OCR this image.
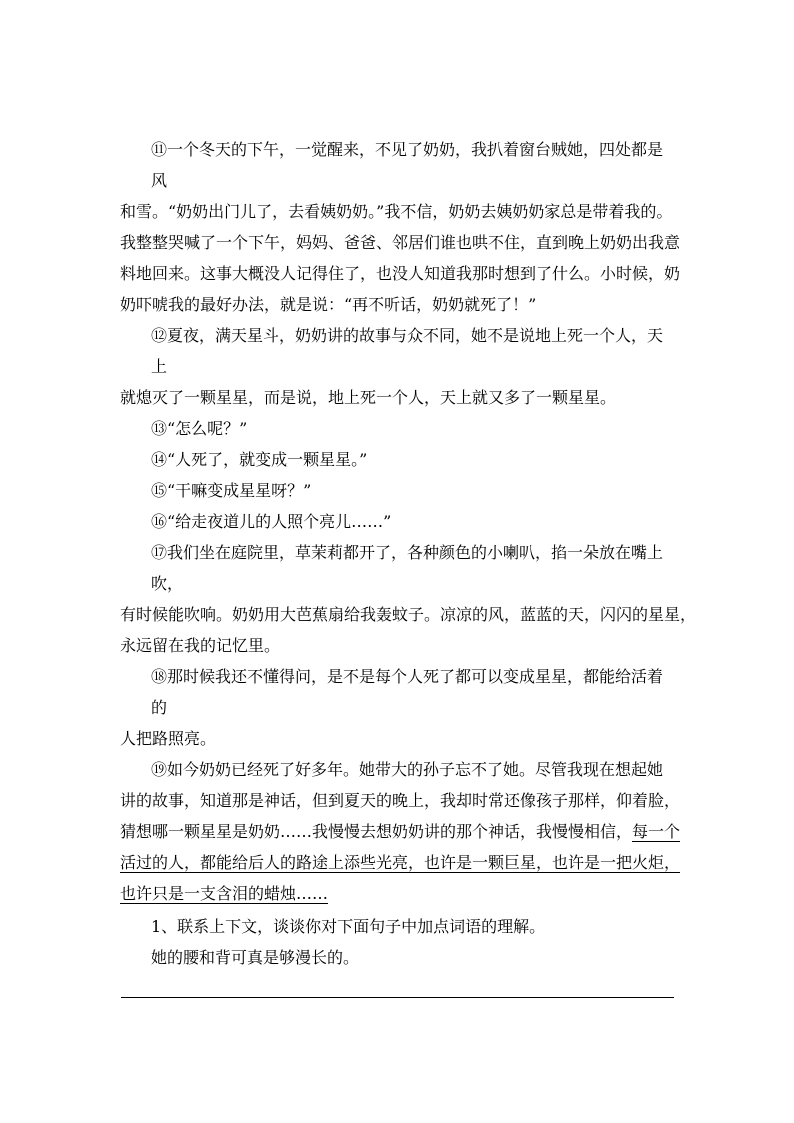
⑪一个冬天的下午，一觉醒来，不见了奶奶，我扒着窗台贼她，四处都是
风
和雪。“奶奶出门儿了，去看姨奶奶。”我不信，奶奶去姨奶奶家总是带着我的。
我整整哭喊了一个下午，妈妈、爸爸、邻居们谁也哄不住，直到晚上奶奶出我意
料地回来。这事大概没人记得住了，也没人知道我那时想到了什么。小时候，奶
奶吓唬我的最好办法，就是说：“再不听话，奶奶就死了！”
⑫夏夜，满天星斗，奶奶讲的故事与众不同，她不是说地上死一个人，天
上
就熄灭了一颗星星，而是说，地上死一个人，天上就又多了一颗星星。
⑬“怎么呢？”
⑭“人死了，就变成一颗星星。”
⑮“干嘛变成星星呀？”
⑯“给走夜道儿的人照个亮儿……”
⑰我们坐在庭院里，草茉莉都开了，各种颜色的小喇叭，掐一朵放在嘴上
吹，
有时候能吹响。奶奶用大芭蕉扇给我轰蚊子。凉凉的风，蓝蓝的天，闪闪的星星，
永远留在我的记忆里。
⑱那时候我还不懂得问，是不是每个人死了都可以变成星星，都能给活着
的
人把路照亮。
⑲如今奶奶已经死了好多年。她带大的孙子忘不了她。尽管我现在想起她
讲的故事，知道那是神话，但到夏天的晚上，我却时常还像孩子那样，仰着脸，
猜想哪一颗星星是奶奶……我慢慢去想奶奶讲的那个神话，我慢慢相信，每一个
活过的人，都能给后人的路途上添些光亮，也许是一颗巨星，也许是一把火炬，
也许只是一支含泪的蜡烛……
1、联系上下文，谈谈你对下面句子中加点词语的理解。
她的腰和背可真是够漫长的。
